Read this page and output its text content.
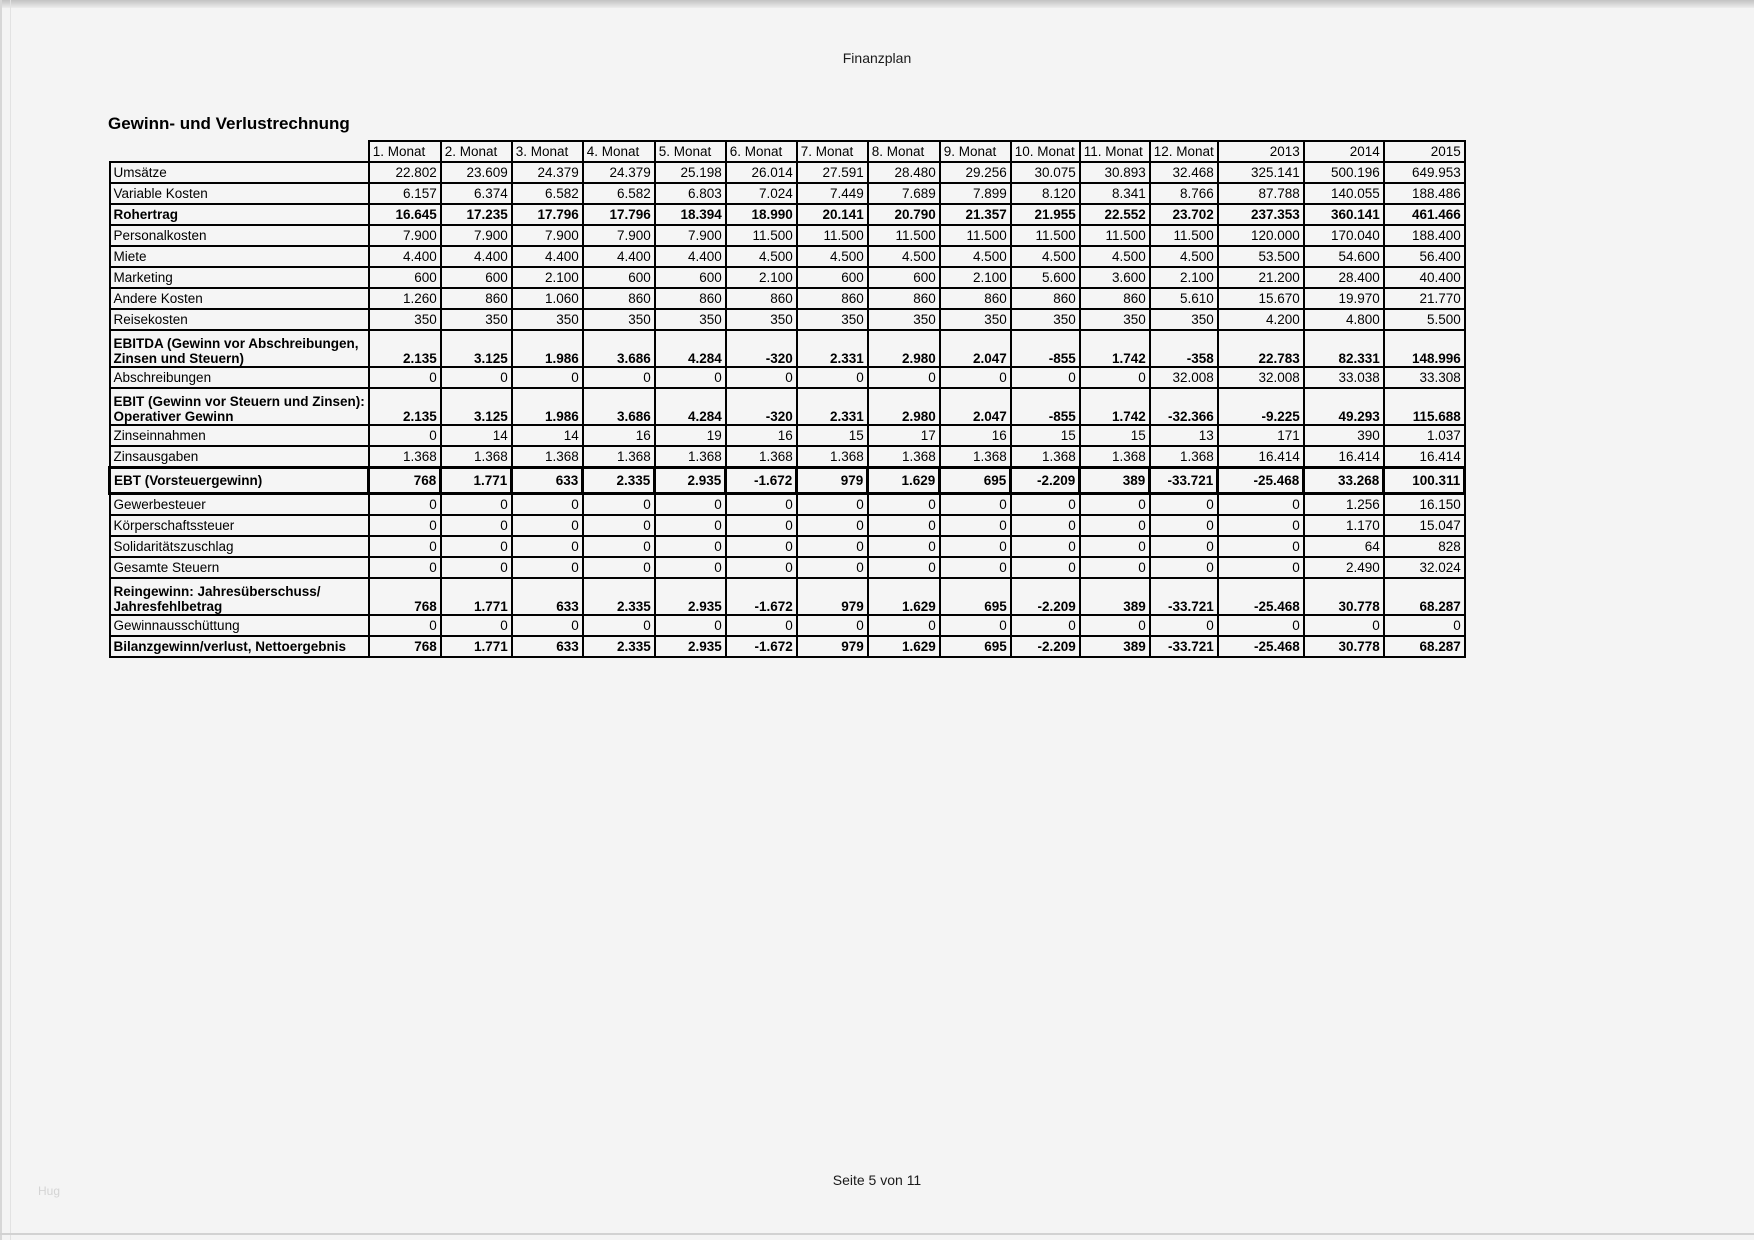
Finanzplan
Gewinn- und Verlustrechnung
	1. Monat	2. Monat	3. Monat	4. Monat	5. Monat	6. Monat	7. Monat	8. Monat	9. Monat	10. Monat	11. Monat	12. Monat	2013	2014	2015
Umsätze	22.802	23.609	24.379	24.379	25.198	26.014	27.591	28.480	29.256	30.075	30.893	32.468	325.141	500.196	649.953
Variable Kosten	6.157	6.374	6.582	6.582	6.803	7.024	7.449	7.689	7.899	8.120	8.341	8.766	87.788	140.055	188.486
Rohertrag	16.645	17.235	17.796	17.796	18.394	18.990	20.141	20.790	21.357	21.955	22.552	23.702	237.353	360.141	461.466
Personalkosten	7.900	7.900	7.900	7.900	7.900	11.500	11.500	11.500	11.500	11.500	11.500	11.500	120.000	170.040	188.400
Miete	4.400	4.400	4.400	4.400	4.400	4.500	4.500	4.500	4.500	4.500	4.500	4.500	53.500	54.600	56.400
Marketing	600	600	2.100	600	600	2.100	600	600	2.100	5.600	3.600	2.100	21.200	28.400	40.400
Andere Kosten	1.260	860	1.060	860	860	860	860	860	860	860	860	5.610	15.670	19.970	21.770
Reisekosten	350	350	350	350	350	350	350	350	350	350	350	350	4.200	4.800	5.500

EBITDA (Gewinn vor Abschreibungen,
Zinsen und Steuern)	2.135	3.125	1.986	3.686	4.284	-320	2.331	2.980	2.047	-855	1.742	-358	22.783	82.331	148.996
Abschreibungen	0	0	0	0	0	0	0	0	0	0	0	32.008	32.008	33.038	33.308

EBIT (Gewinn vor Steuern und Zinsen):
Operativer Gewinn	2.135	3.125	1.986	3.686	4.284	-320	2.331	2.980	2.047	-855	1.742	-32.366	-9.225	49.293	115.688
Zinseinnahmen	0	14	14	16	19	16	15	17	16	15	15	13	171	390	1.037
Zinsausgaben	1.368	1.368	1.368	1.368	1.368	1.368	1.368	1.368	1.368	1.368	1.368	1.368	16.414	16.414	16.414
EBT (Vorsteuergewinn)	768	1.771	633	2.335	2.935	-1.672	979	1.629	695	-2.209	389	-33.721	-25.468	33.268	100.311
Gewerbesteuer	0	0	0	0	0	0	0	0	0	0	0	0	0	1.256	16.150
Körperschaftssteuer	0	0	0	0	0	0	0	0	0	0	0	0	0	1.170	15.047
Solidaritätszuschlag	0	0	0	0	0	0	0	0	0	0	0	0	0	64	828
Gesamte Steuern	0	0	0	0	0	0	0	0	0	0	0	0	0	2.490	32.024

Reingewinn: Jahresüberschuss/
Jahresfehlbetrag	768	1.771	633	2.335	2.935	-1.672	979	1.629	695	-2.209	389	-33.721	-25.468	30.778	68.287
Gewinnausschüttung	0	0	0	0	0	0	0	0	0	0	0	0	0	0	0
Bilanzgewinn/verlust, Nettoergebnis	768	1.771	633	2.335	2.935	-1.672	979	1.629	695	-2.209	389	-33.721	-25.468	30.778	68.287
Seite 5 von 11
Hug
